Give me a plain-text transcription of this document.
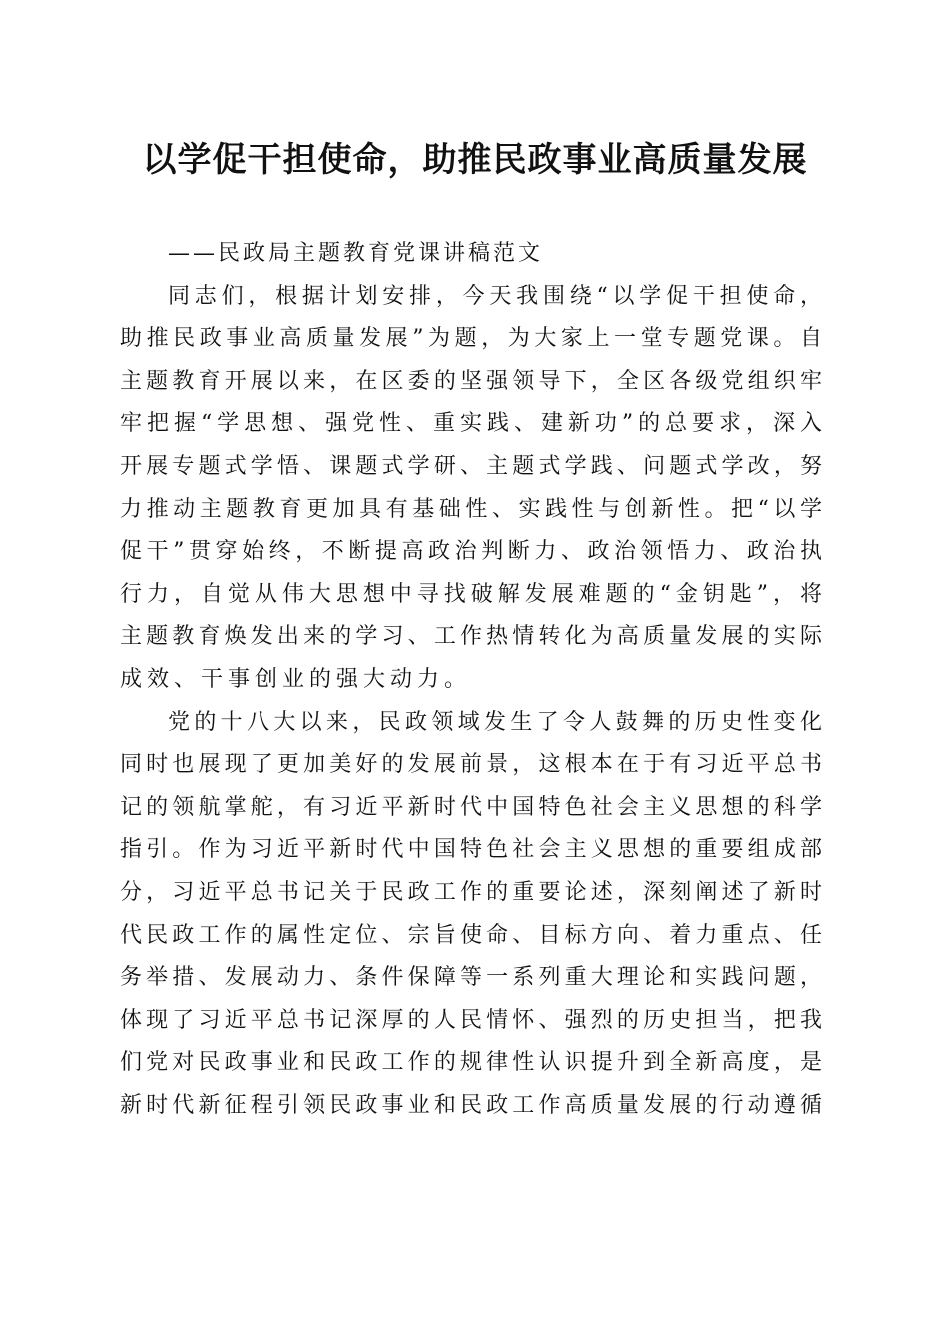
以学促干担使命，助推民政事业高质量发展
——民政局主题教育党课讲稿范文
同志们，根据计划安排，今天我围绕“以学促干担使命，
助推民政事业高质量发展”为题，为大家上一堂专题党课。自
主题教育开展以来，在区委的坚强领导下，全区各级党组织牢
牢把握“学思想、强党性、重实践、建新功”的总要求，深入
开展专题式学悟、课题式学研、主题式学践、问题式学改，努
力推动主题教育更加具有基础性、实践性与创新性。把“以学
促干”贯穿始终，不断提高政治判断力、政治领悟力、政治执
行力，自觉从伟大思想中寻找破解发展难题的“金钥匙”，将
主题教育焕发出来的学习、工作热情转化为高质量发展的实际
成效、干事创业的强大动力。
党的十八大以来，民政领域发生了令人鼓舞的历史性变化
同时也展现了更加美好的发展前景，这根本在于有习近平总书
记的领航掌舵，有习近平新时代中国特色社会主义思想的科学
指引。作为习近平新时代中国特色社会主义思想的重要组成部
分，习近平总书记关于民政工作的重要论述，深刻阐述了新时
代民政工作的属性定位、宗旨使命、目标方向、着力重点、任
务举措、发展动力、条件保障等一系列重大理论和实践问题，
体现了习近平总书记深厚的人民情怀、强烈的历史担当，把我
们党对民政事业和民政工作的规律性认识提升到全新高度，是
新时代新征程引领民政事业和民政工作高质量发展的行动遵循
